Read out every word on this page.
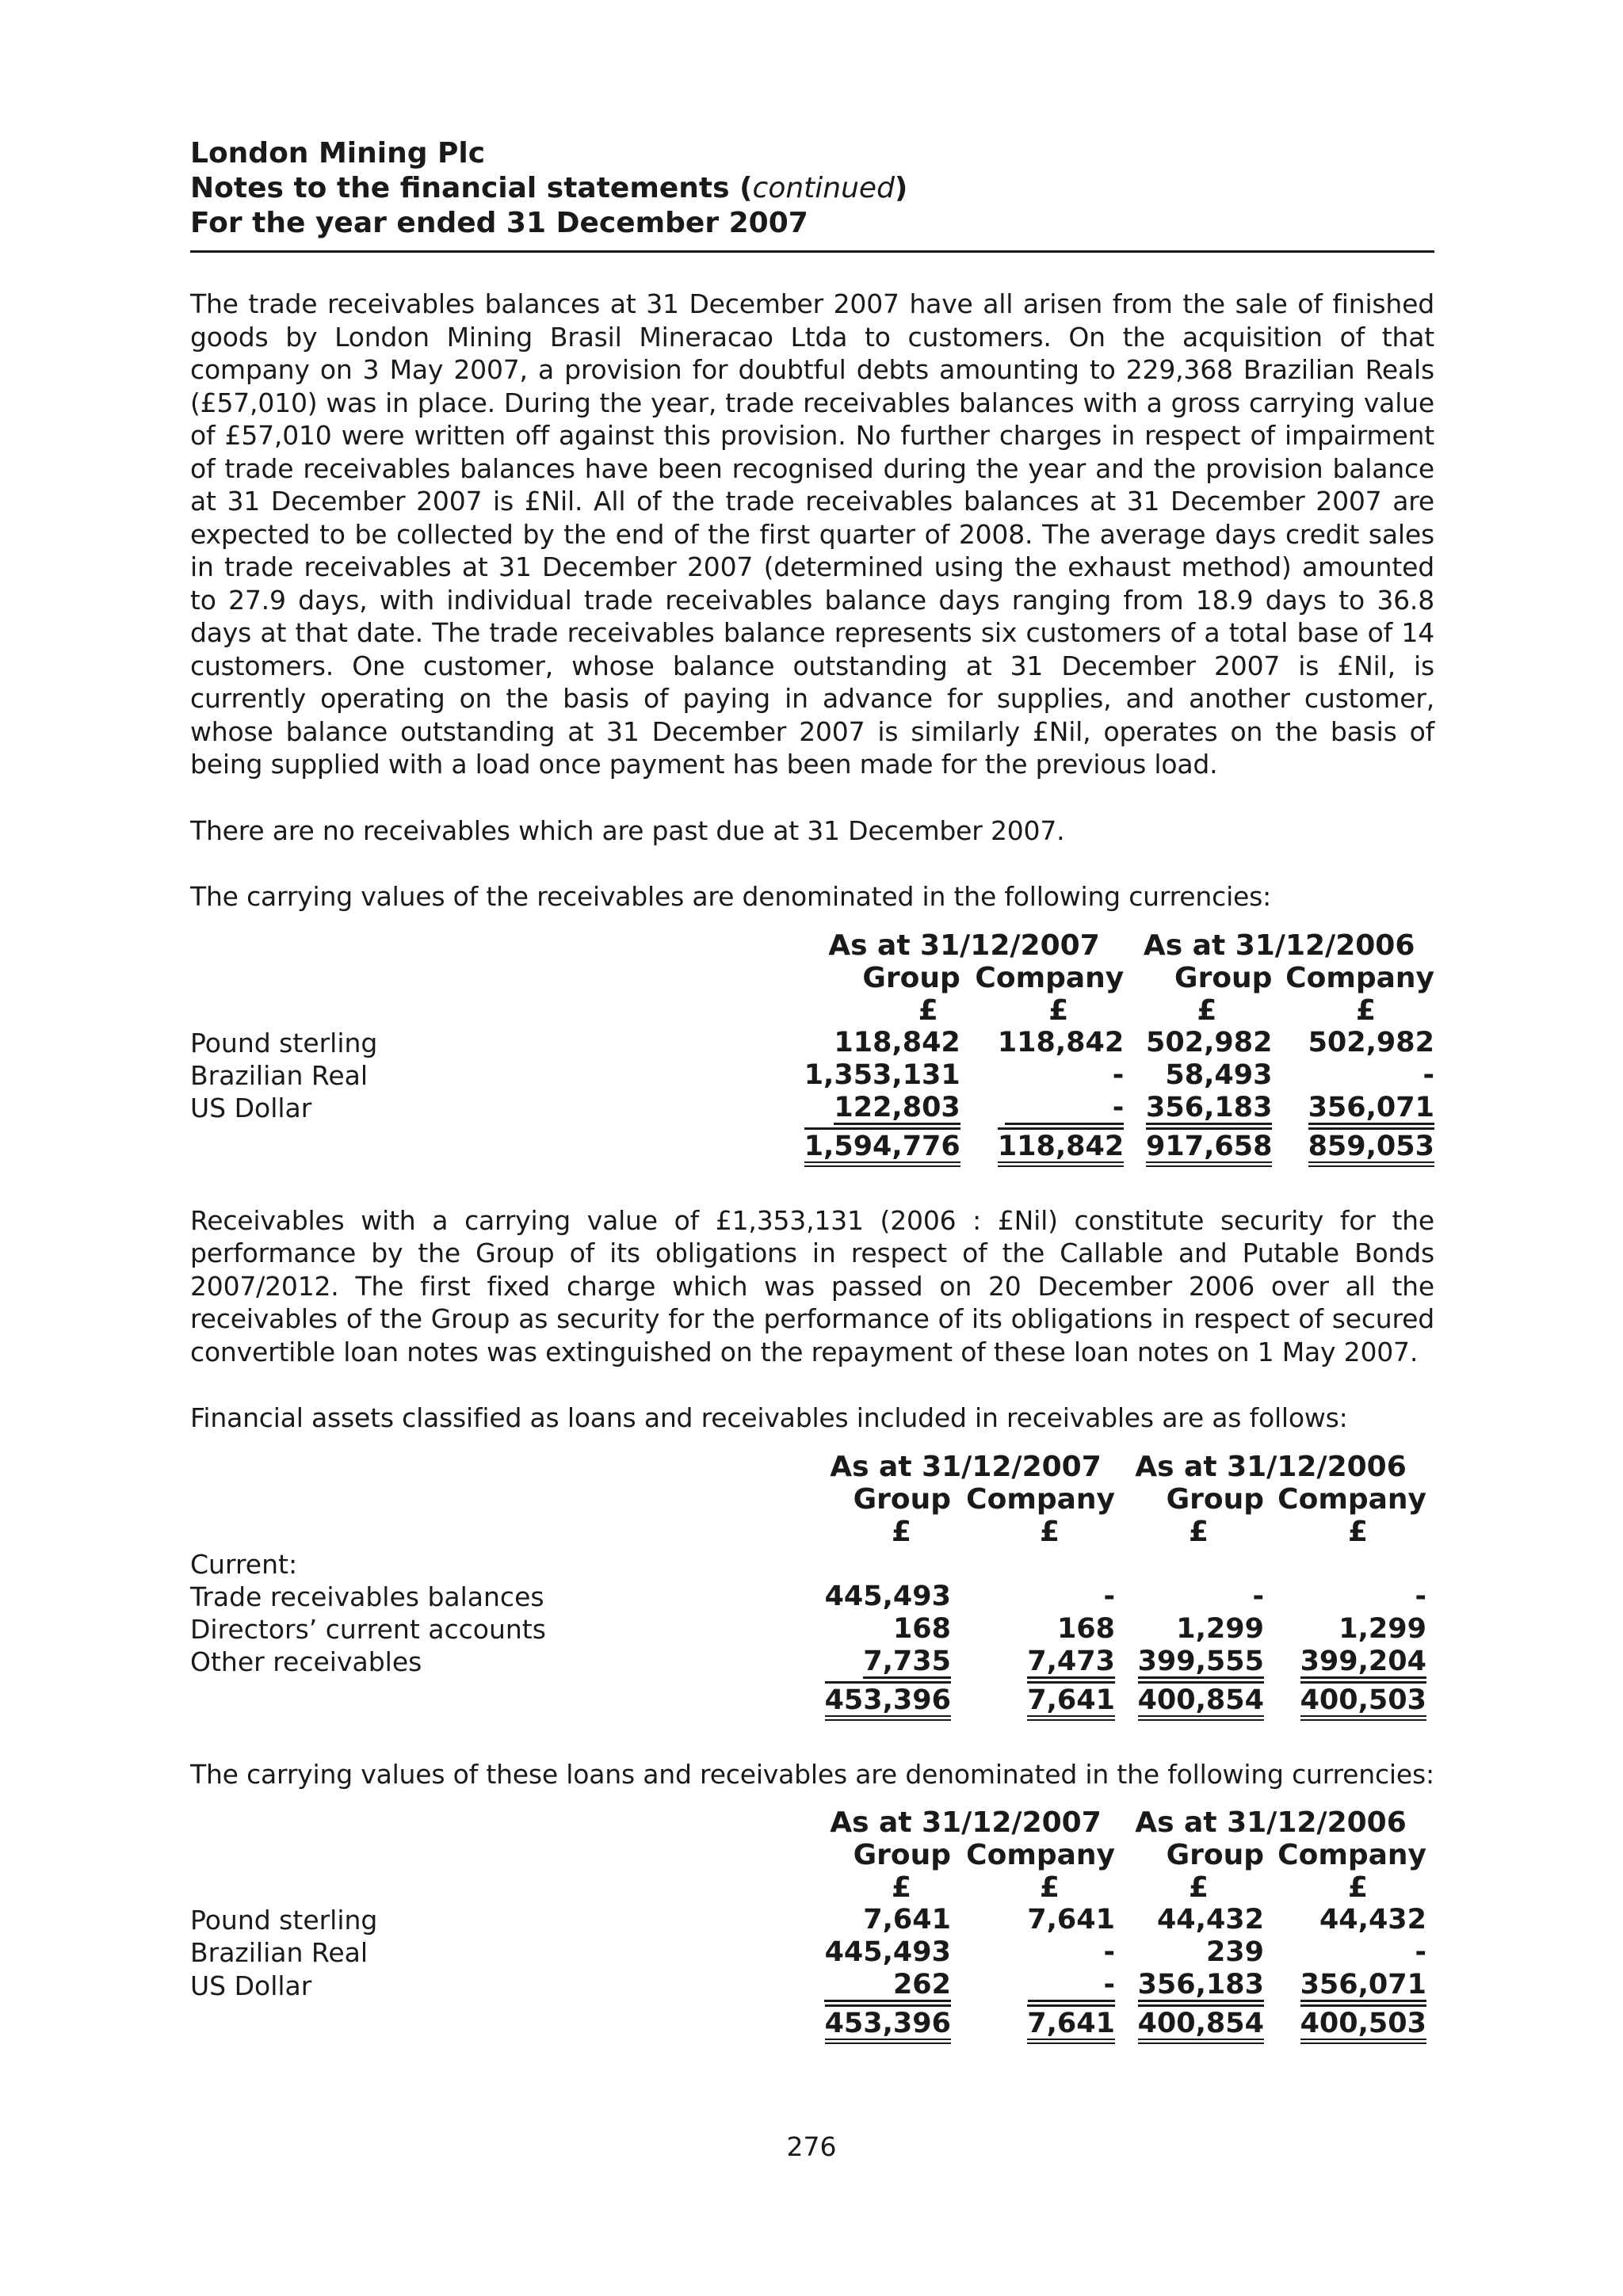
London Mining Plc
Notes to the financial statements (continued)
For the year ended 31 December 2007

The trade receivables balances at 31 December 2007 have all arisen from the sale of finished goods by London Mining Brasil Mineracao Ltda to customers. On the acquisition of that company on 3 May 2007, a provision for doubtful debts amounting to 229,368 Brazilian Reals (£57,010) was in place. During the year, trade receivables balances with a gross carrying value of £57,010 were written off against this provision. No further charges in respect of impairment of trade receivables balances have been recognised during the year and the provision balance at 31 December 2007 is £Nil. All of the trade receivables balances at 31 December 2007 are expected to be collected by the end of the first quarter of 2008. The average days credit sales in trade receivables at 31 December 2007 (determined using the exhaust method) amounted to 27.9 days, with individual trade receivables balance days ranging from 18.9 days to 36.8 days at that date. The trade receivables balance represents six customers of a total base of 14 customers. One customer, whose balance outstanding at 31 December 2007 is £Nil, is currently operating on the basis of paying in advance for supplies, and another customer, whose balance outstanding at 31 December 2007 is similarly £Nil, operates on the basis of being supplied with a load once payment has been made for the previous load.

There are no receivables which are past due at 31 December 2007.

The carrying values of the receivables are denominated in the following currencies:

	As at 31/12/2007		As at 31/12/2006	
	Group	Company	Group	Company
	£	£	£	£
Pound sterling	118,842	118,842	502,982	502,982
Brazilian Real	1,353,131	-	58,493	-
US Dollar	122,803	-	356,183	356,071
	1,594,776	118,842	917,658	859,053

Receivables with a carrying value of £1,353,131 (2006 : £Nil) constitute security for the performance by the Group of its obligations in respect of the Callable and Putable Bonds 2007/2012. The first fixed charge which was passed on 20 December 2006 over all the receivables of the Group as security for the performance of its obligations in respect of secured convertible loan notes was extinguished on the repayment of these loan notes on 1 May 2007.

Financial assets classified as loans and receivables included in receivables are as follows:

	As at 31/12/2007		As at 31/12/2006	
	Group	Company	Group	Company
	£	£	£	£
Current:				
Trade receivables balances	445,493	-	-	-
Directors’ current accounts	168	168	1,299	1,299
Other receivables	7,735	7,473	399,555	399,204
	453,396	7,641	400,854	400,503

The carrying values of these loans and receivables are denominated in the following currencies:

	As at 31/12/2007		As at 31/12/2006	
	Group	Company	Group	Company
	£	£	£	£
Pound sterling	7,641	7,641	44,432	44,432
Brazilian Real	445,493	-	239	-
US Dollar	262	-	356,183	356,071
	453,396	7,641	400,854	400,503
276
